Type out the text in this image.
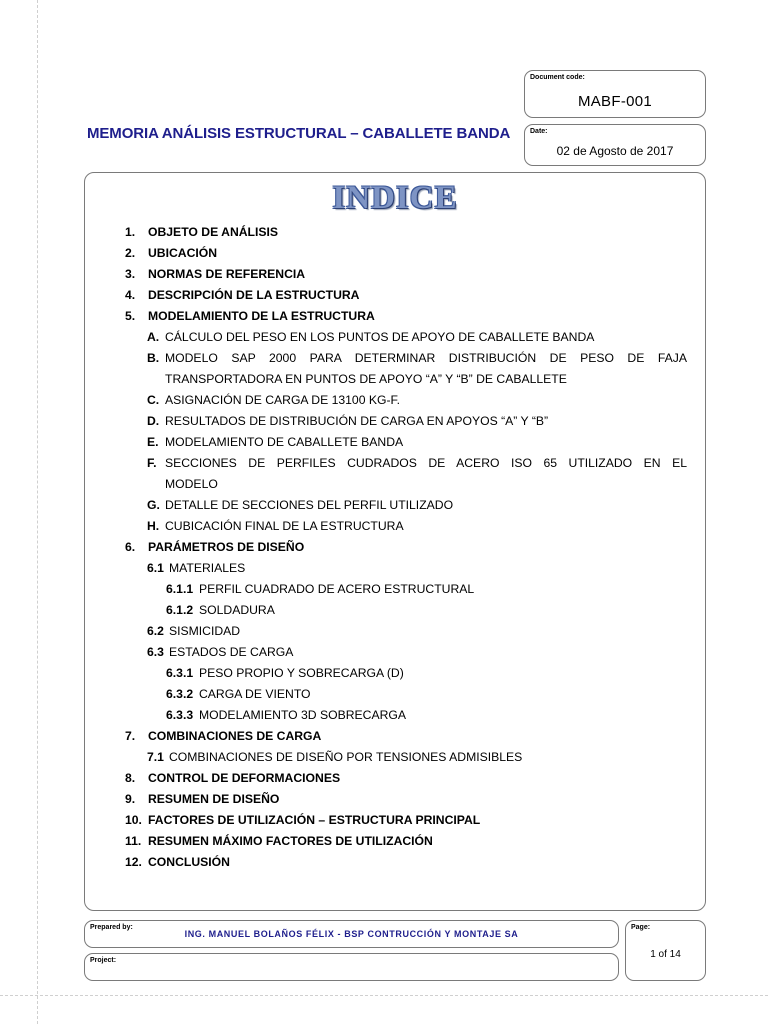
Document code:
MABF-001
Date:
02 de Agosto de 2017
MEMORIA ANÁLISIS ESTRUCTURAL – CABALLETE BANDA
INDICE
1. OBJETO DE ANÁLISIS
2. UBICACIÓN
3. NORMAS DE REFERENCIA
4. DESCRIPCIÓN DE LA ESTRUCTURA
5. MODELAMIENTO DE LA ESTRUCTURA
A. CÁLCULO DEL PESO EN LOS PUNTOS DE APOYO DE CABALLETE BANDA
B. MODELO SAP 2000 PARA DETERMINAR DISTRIBUCIÓN DE PESO DE FAJA
TRANSPORTADORA EN PUNTOS DE APOYO “A” Y “B” DE CABALLETE
C. ASIGNACIÓN DE CARGA DE 13100 KG-F.
D. RESULTADOS DE DISTRIBUCIÓN DE CARGA EN APOYOS “A” Y “B”
E. MODELAMIENTO DE CABALLETE BANDA
F. SECCIONES DE PERFILES CUDRADOS DE ACERO ISO 65 UTILIZADO EN EL
MODELO
G. DETALLE DE SECCIONES DEL PERFIL UTILIZADO
H. CUBICACIÓN FINAL DE LA ESTRUCTURA
6. PARÁMETROS DE DISEÑO
6.1 MATERIALES
6.1.1 PERFIL CUADRADO DE ACERO ESTRUCTURAL
6.1.2 SOLDADURA
6.2 SISMICIDAD
6.3 ESTADOS DE CARGA
6.3.1 PESO PROPIO Y SOBRECARGA (D)
6.3.2 CARGA DE VIENTO
6.3.3 MODELAMIENTO 3D SOBRECARGA
7. COMBINACIONES DE CARGA
7.1 COMBINACIONES DE DISEÑO POR TENSIONES ADMISIBLES
8. CONTROL DE DEFORMACIONES
9. RESUMEN DE DISEÑO
10. FACTORES DE UTILIZACIÓN – ESTRUCTURA PRINCIPAL
11. RESUMEN MÁXIMO FACTORES DE UTILIZACIÓN
12. CONCLUSIÓN
Prepared by:
ING. MANUEL BOLAÑOS FÉLIX - BSP CONTRUCCIÓN Y MONTAJE SA
Project:
Page:
1 of 14
